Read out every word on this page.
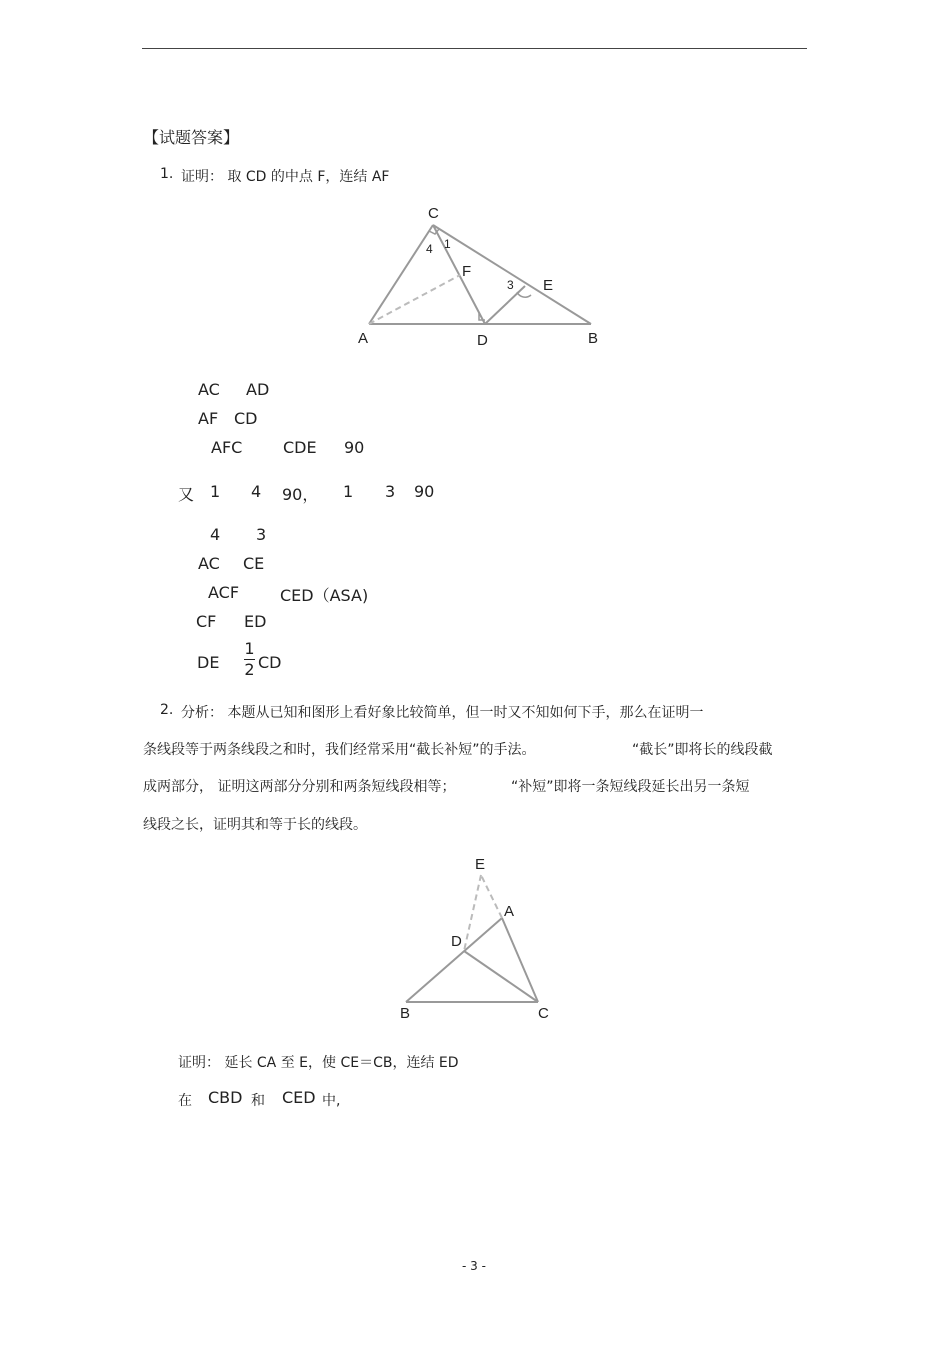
【试题答案】
1. 证明： 取 CD 的中点 F，连结 AF
C
4 1
F
3 E
A	D	B
AC AD
AF CD
AFC	CDE 90
又 1 4 90， 1 3 90
4 3
AC CE
ACF	CED（ASA)
CF ED
DE
1
2 CD
2. 分析： 本题从已知和图形上看好象比较简单，但一时又不知如何下手，那么在证明一
条线段等于两条线段之和时，我们经常采用“截长补短”的手法。	“截长”即将长的线段截
成两部分， 证明这两部分分别和两条短线段相等；	“补短”即将一条短线段延长出另一条短
线段之长，证明其和等于长的线段。
E
A
D
B	C
证明： 延长 CA 至 E，使 CE＝CB，连结 ED
在 CBD 和 CED 中,
- 3 -
